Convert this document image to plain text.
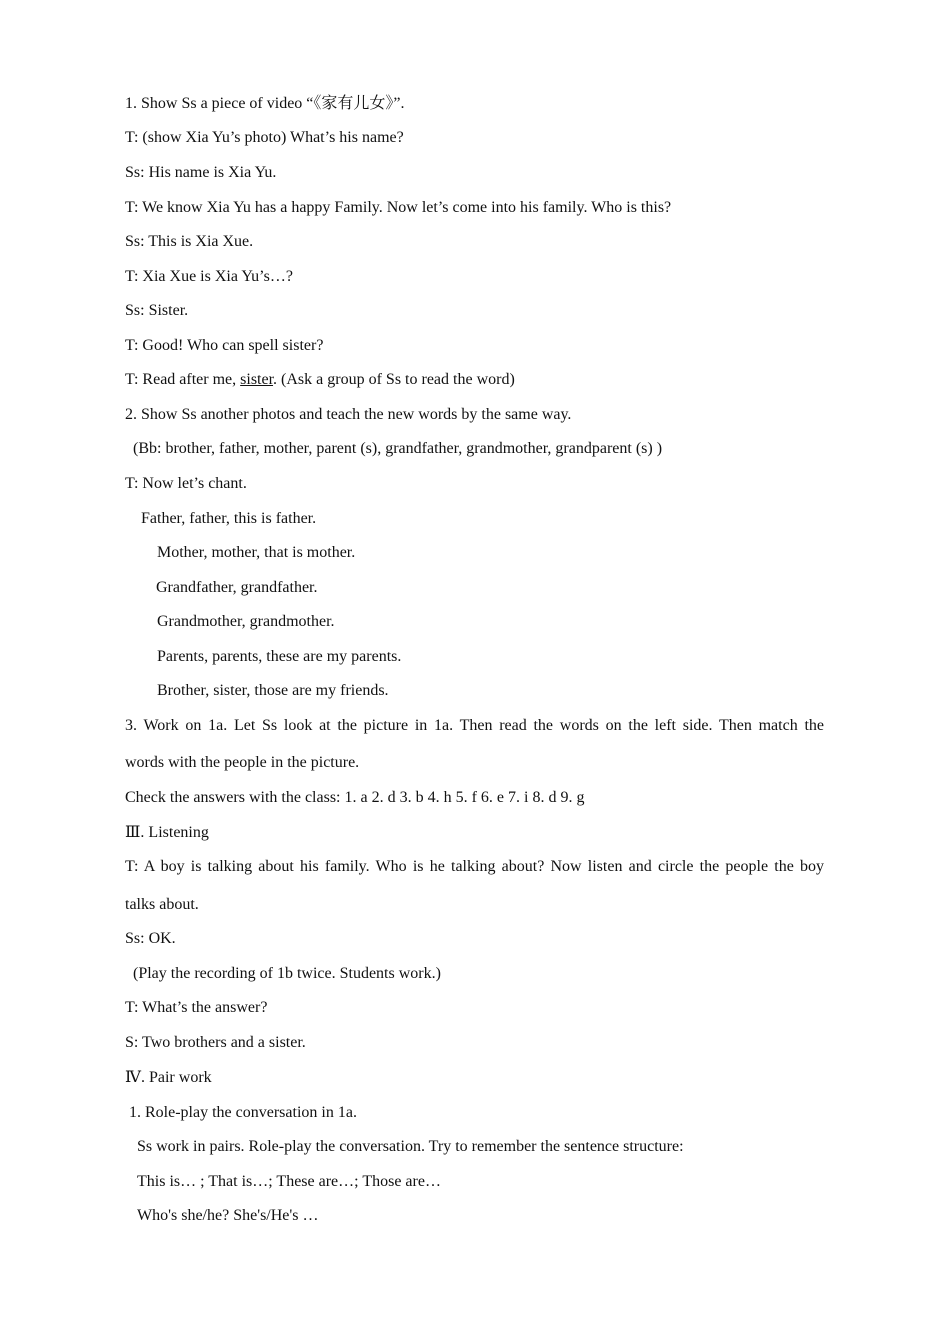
1. Show Ss a piece of video “《家有儿女》”.
T: (show Xia Yu’s photo) What’s his name?
Ss: His name is Xia Yu.
T: We know Xia Yu has a happy Family. Now let’s come into his family. Who is this?
Ss: This is Xia Xue.
T: Xia Xue is Xia Yu’s…?
Ss: Sister.
T: Good! Who can spell sister?
T: Read after me, sister. (Ask a group of Ss to read the word)
2. Show Ss another photos and teach the new words by the same way.
(Bb: brother, father, mother, parent (s), grandfather, grandmother, grandparent (s) )
T: Now let’s chant.
Father, father, this is father.
Mother, mother, that is mother.
Grandfather, grandfather.
Grandmother, grandmother.
Parents, parents, these are my parents.
Brother, sister, those are my friends.
3. Work on 1a. Let Ss look at the picture in 1a. Then read the words on the left side. Then match the
words with the people in the picture.
Check the answers with the class: 1. a 2. d 3. b 4. h 5. f 6. e 7. i 8. d 9. g
Ⅲ. Listening
T: A boy is talking about his family. Who is he talking about? Now listen and circle the people the boy
talks about.
Ss: OK.
(Play the recording of 1b twice. Students work.)
T: What’s the answer?
S: Two brothers and a sister.
Ⅳ. Pair work
1. Role-play the conversation in 1a.
Ss work in pairs. Role-play the conversation. Try to remember the sentence structure:
This is… ; That is…; These are…; Those are…
Who's she/he? She's/He's …
